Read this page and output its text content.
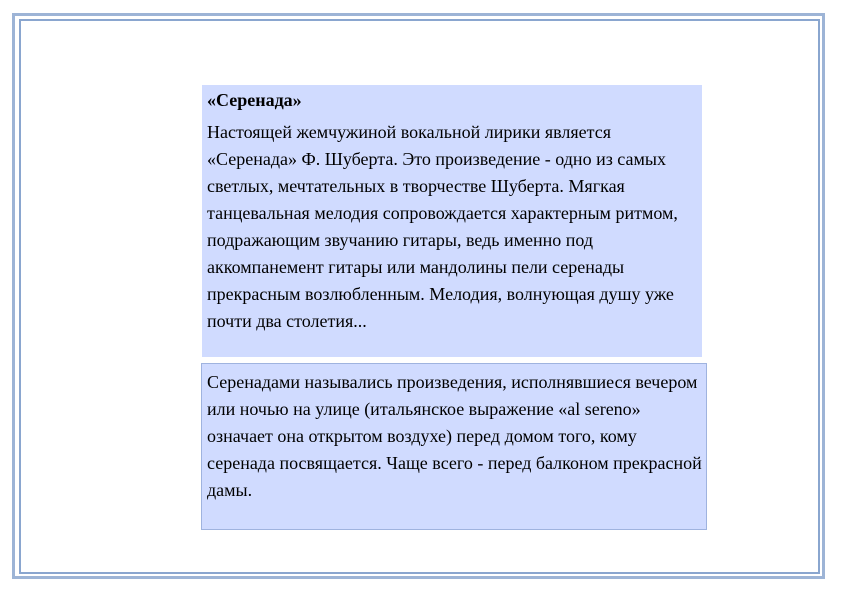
«Серенада»

Настоящей жемчужиной вокальной лирики является «Серенада» Ф. Шуберта. Это произведение - одно из самых светлых, мечтательных в творчестве Шуберта. Мягкая танцевальная мелодия сопровождается характерным ритмом, подражающим звучанию гитары, ведь именно под аккомпанемент гитары или мандолины пели серенады прекрасным возлюбленным. Мелодия, волнующая душу уже почти два столетия...

Серенадами назывались произведения, исполнявшиеся вечером или ночью на улице (итальянское выражение «al sereno» означает она открытом воздухе) перед домом того, кому серенада посвящается. Чаще всего - перед балконом прекрасной дамы.
